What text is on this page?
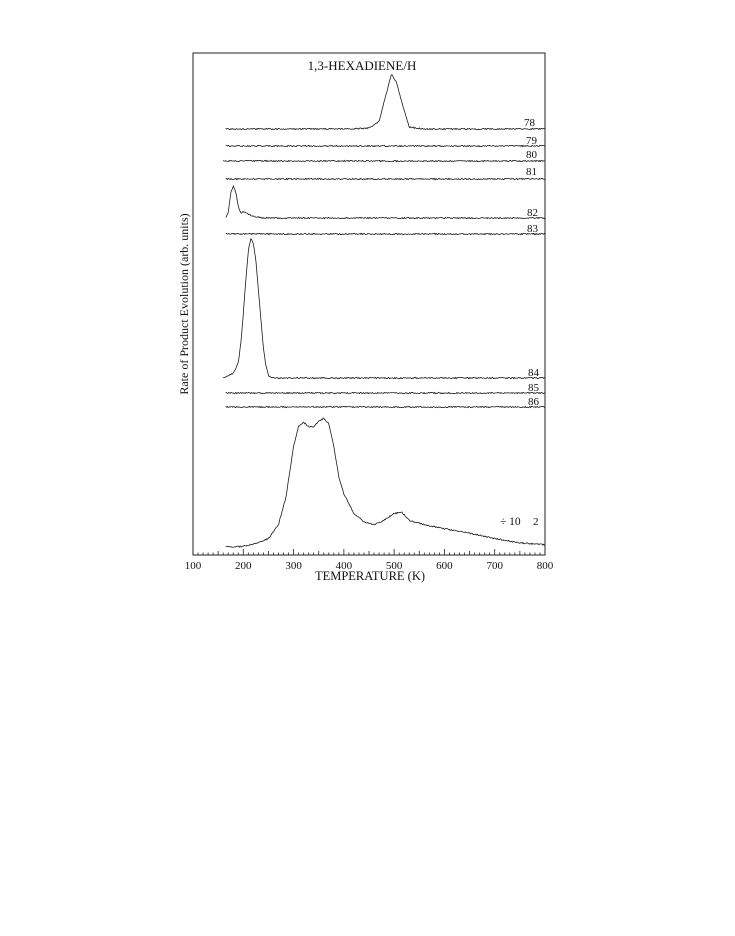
1,3-HEXADIENE/H
TEMPERATURE (K)
Rate of Product Evolution (arb. units)
÷ 10
100	200	300	400	500	600	700	800
78
79
80
81
82
83
84
85
86
2
